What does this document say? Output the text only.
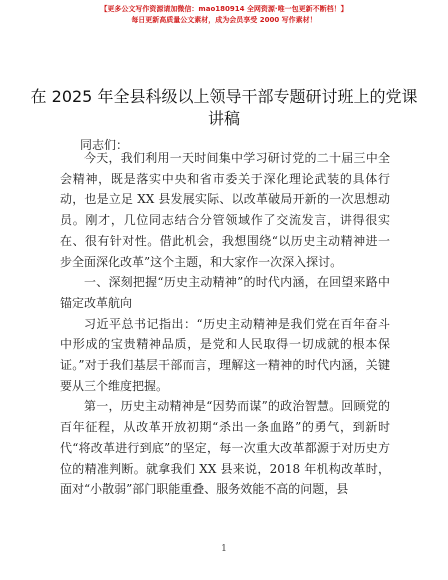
【更多公文写作资源请加微信：mao180914 全网资源·唯一包更新不断档！】
每日更新高质量公文素材，成为会员享受 2000 写作素材！
在 2025 年全县科级以上领导干部专题研讨班上的党课讲稿
同志们：

今天，我们利用一天时间集中学习研讨党的二十届三中全会精神，既是落实中央和省市委关于深化理论武装的具体行动，也是立足 XX 县发展实际、以改革破局开新的一次思想动员。刚才，几位同志结合分管领域作了交流发言，讲得很实在、很有针对性。借此机会，我想围绕“以历史主动精神进一步全面深化改革”这个主题，和大家作一次深入探讨。

一、深刻把握“历史主动精神”的时代内涵，在回望来路中锚定改革航向

习近平总书记指出：“历史主动精神是我们党在百年奋斗中形成的宝贵精神品质，是党和人民取得一切成就的根本保证。”对于我们基层干部而言，理解这一精神的时代内涵，关键要从三个维度把握。

第一，历史主动精神是“因势而谋”的政治智慧。回顾党的百年征程，从改革开放初期“杀出一条血路”的勇气，到新时代“将改革进行到底”的坚定，每一次重大改革都源于对历史方位的精准判断。就拿我们 XX 县来说，2018 年机构改革时，面对“小散弱”部门职能重叠、服务效能不高的问题，县

1
